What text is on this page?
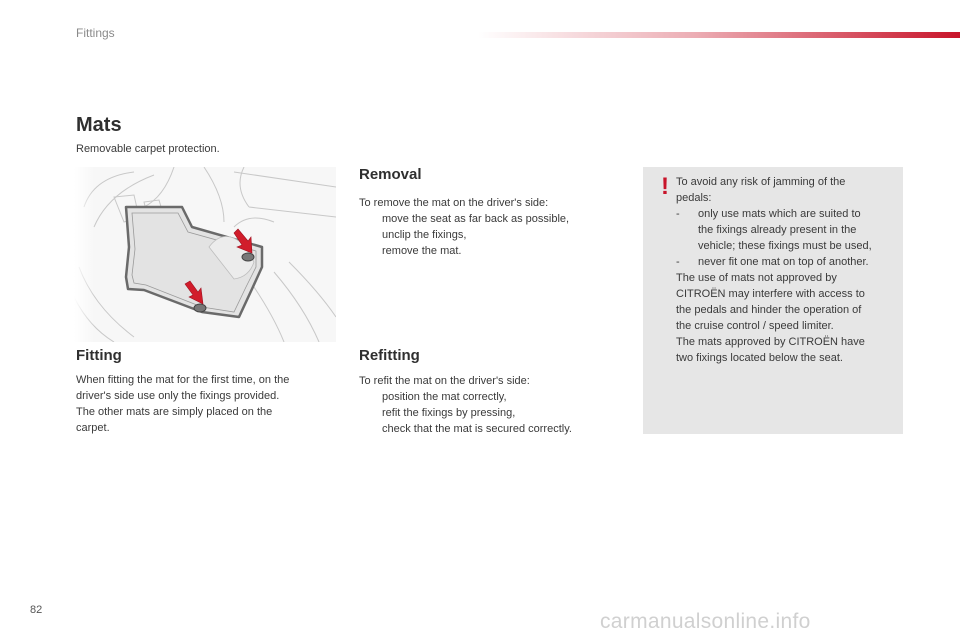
Fittings
Mats
Removable carpet protection.
Fitting
When fitting the mat for the first time, on the
driver's side use only the fixings provided.
The other mats are simply placed on the
carpet.
Removal
To remove the mat on the driver's side:
move the seat as far back as possible,
unclip the fixings,
remove the mat.
Refitting
To refit the mat on the driver's side:
position the mat correctly,
refit the fixings by pressing,
check that the mat is secured correctly.
! To avoid any risk of jamming of the

pedals:

- only use mats which are suited to
the fixings already present in the
vehicle; these fixings must be used,
- never fit one mat on top of another.

The use of mats not approved by

CITROËN may interfere with access to

the pedals and hinder the operation of

the cruise control / speed limiter.

The mats approved by CITROËN have

two fixings located below the seat.

82	carmanualsonline.info
